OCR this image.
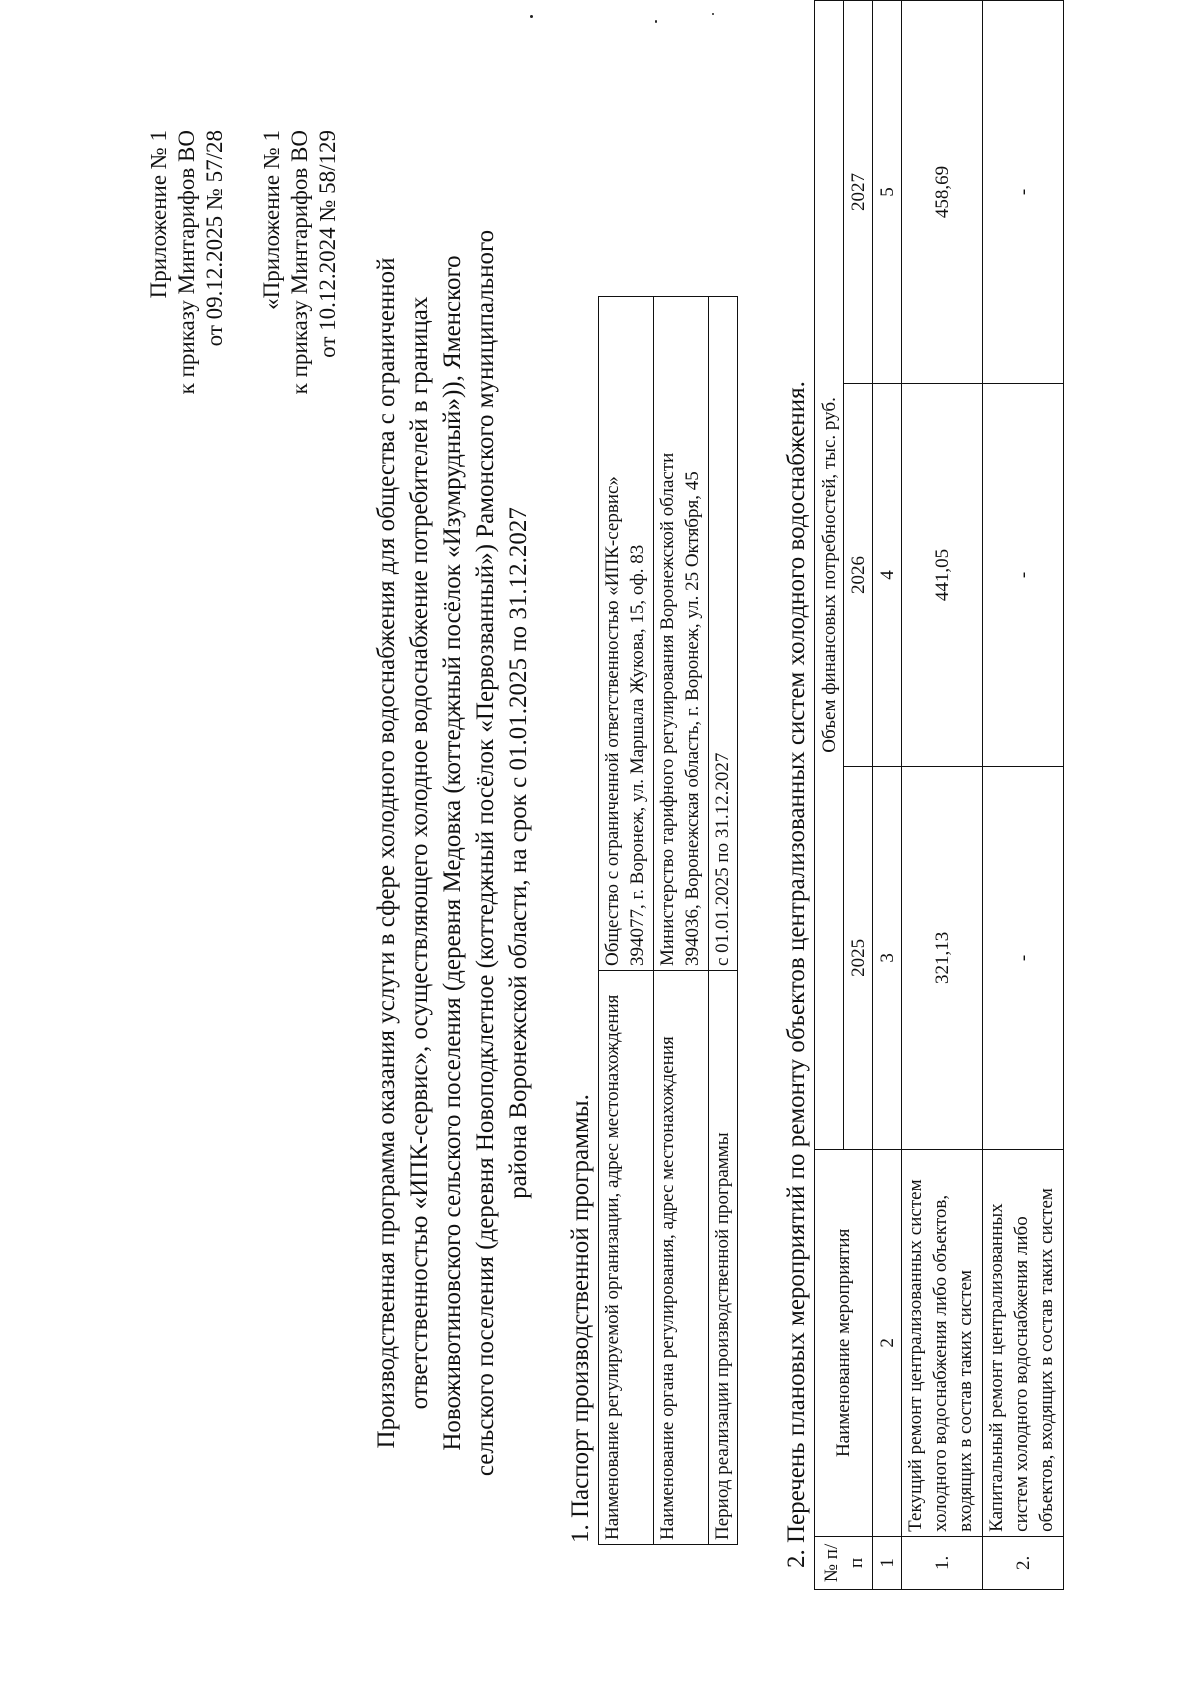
Приложение № 1 к приказу Минтарифов ВО от 09.12.2025 № 57/28 «Приложение № 1 к приказу Минтарифов ВО от 10.12.2024 № 58/129
Производственная программа оказания услуги в сфере холодного водоснабжения для общества с ограниченной ответственностью «ИПК-сервис», осуществляющего холодное водоснабжение потребителей в границах Новоживотиновского сельского поселения (деревня Медовка (коттеджный посёлок «Изумрудный»)), Яменского сельского поселения (деревня Новоподклетное (коттеджный посёлок «Первозванный») Рамонского муниципального района Воронежской области, на срок с 01.01.2025 по 31.12.2027
1. Паспорт производственной программы. Наименование регулируемой организации, адрес местонахождения	Общество с ограниченной ответственностью «ИПК-сервис» 394077, г. Воронеж, ул. Маршала Жукова, 15, оф. 83

Наименование органа регулирования, адрес местонахождения	Министерство тарифного регулирования Воронежской области 394036, Воронежская область, г. Воронеж, ул. 25 Октября, 45

Период реализации производственной программы	с 01.01.2025 по 31.12.2027 2. Перечень плановых мероприятий по ремонту объектов централизованных систем холодного водоснабжения. № п/п	Наименование мероприятия	Объем финансовых потребностей, тыс. руб.		
		2025	2026	2027
1	2	3	4	5
1.	Текущий ремонт централизованных систем холодного водоснабжения либо объектов, входящих в состав таких систем	321,13	441,05	458,69
2.	Капитальный ремонт централизованных систем холодного водоснабжения либо объектов, входящих в состав таких систем	-	-	-
